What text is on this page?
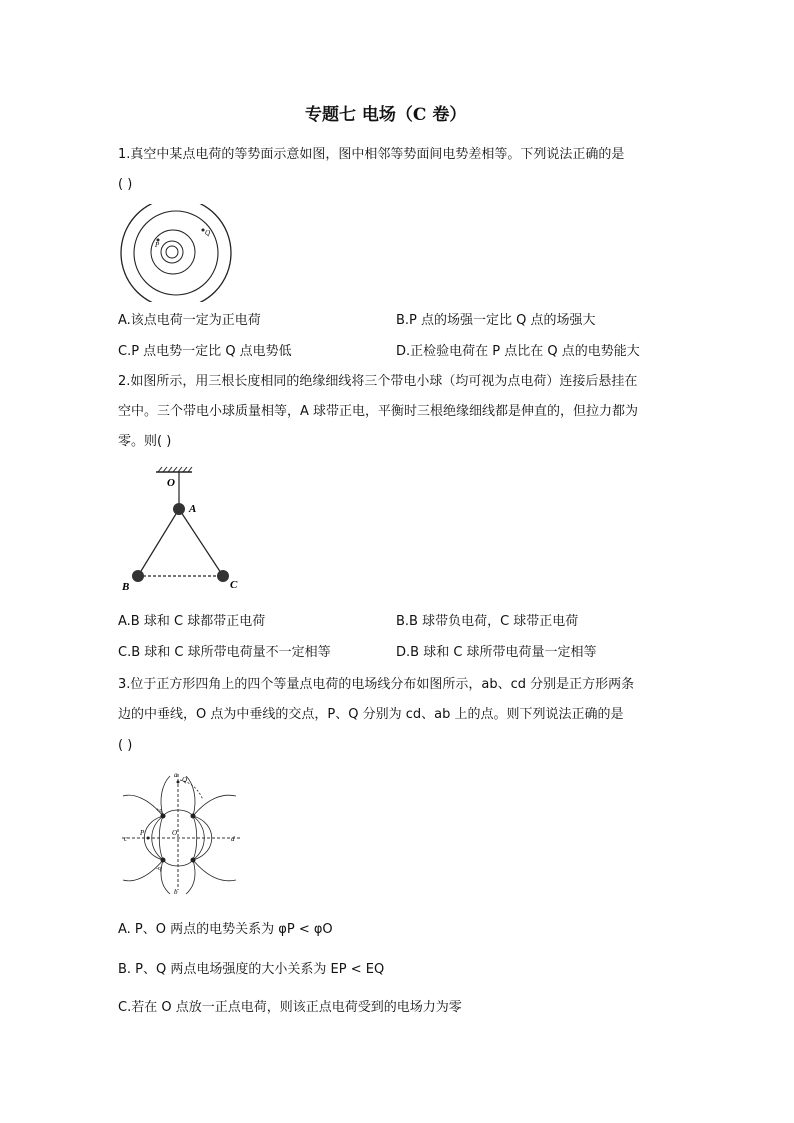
专题七 电场（C 卷）
1.真空中某点电荷的等势面示意如图，图中相邻等势面间电势差相等。下列说法正确的是
( )
P
Q
A.该点电荷一定为正电荷	B.P 点的场强一定比 Q 点的场强大
C.P 点电势一定比 Q 点电势低	D.正检验电荷在 P 点比在 Q 点的电势能大
2.如图所示，用三根长度相同的绝缘细线将三个带电小球（均可视为点电荷）连接后悬挂在
空中。三个带电小球质量相等，A 球带正电，平衡时三根绝缘细线都是伸直的，但拉力都为
零。则( )
O
A
B	C
A.B 球和 C 球都带正电荷	B.B 球带负电荷，C 球带正电荷
C.B 球和 C 球所带电荷量不一定相等	D.B 球和 C 球所带电荷量一定相等
3.位于正方形四角上的四个等量点电荷的电场线分布如图所示，ab、cd 分别是正方形两条
边的中垂线，O 点为中垂线的交点，P、Q 分别为 cd、ab 上的点。则下列说法正确的是
( )
a
Q
c
P	O
d
b
+q
-q
A. P、O 两点的电势关系为 φP < φO
B. P、Q 两点电场强度的大小关系为 EP < EQ
C.若在 O 点放一正点电荷，则该正点电荷受到的电场力为零
